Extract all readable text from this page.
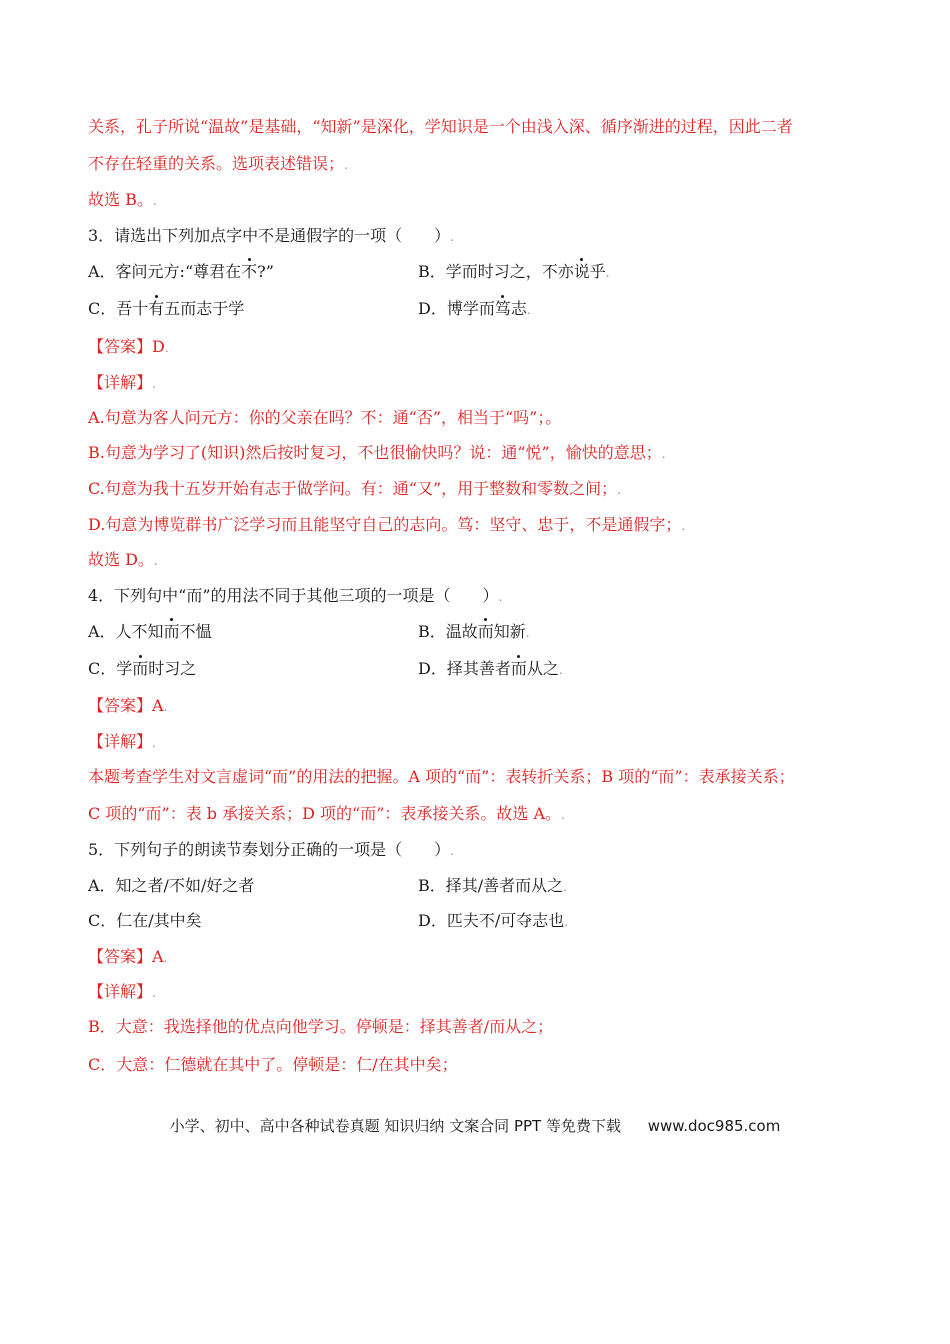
关系，孔子所说“温故”是基础，“知新”是深化，学知识是一个由浅入深、循序渐进的过程，因此二者
不存在轻重的关系。选项表述错误；.
故选 B。.
3．请选出下列加点字中不是通假字的一项（　　）.
A．客问元方:“尊君在不?”	B．学而时习之，不亦说乎.
C．吾十有五而志于学	D．博学而笃志.
【答案】D.
【详解】.
A.句意为客人问元方：你的父亲在吗？不：通“否”，相当于“吗”；。
B.句意为学习了(知识)然后按时复习，不也很愉快吗？说：通“悦”，愉快的意思；.
C.句意为我十五岁开始有志于做学问。有：通“又”，用于整数和零数之间；.
D.句意为博览群书广泛学习而且能坚守自己的志向。笃：坚守、忠于，不是通假字；.
故选 D。.
4．下列句中“而”的用法不同于其他三项的一项是（　　）.
A．人不知而不愠	B．温故而知新.
C．学而时习之	D．择其善者而从之.
【答案】A.
【详解】.
本题考查学生对文言虚词“而”的用法的把握。A 项的“而”：表转折关系；B 项的“而”：表承接关系；
C 项的“而”：表 b 承接关系；D 项的“而”：表承接关系。故选 A。.
5．下列句子的朗读节奏划分正确的一项是（　　）.
A．知之者/不如/好之者	B．择其/善者而从之.
C．仁在/其中矣	D．匹夫不/可夺志也.
【答案】A.
【详解】.
B．大意：我选择他的优点向他学习。停顿是：择其善者/而从之；
C．大意：仁德就在其中了。停顿是：仁/在其中矣；
小学、初中、高中各种试卷真题 知识归纳 文案合同 PPT 等免费下载 www.doc985.com
